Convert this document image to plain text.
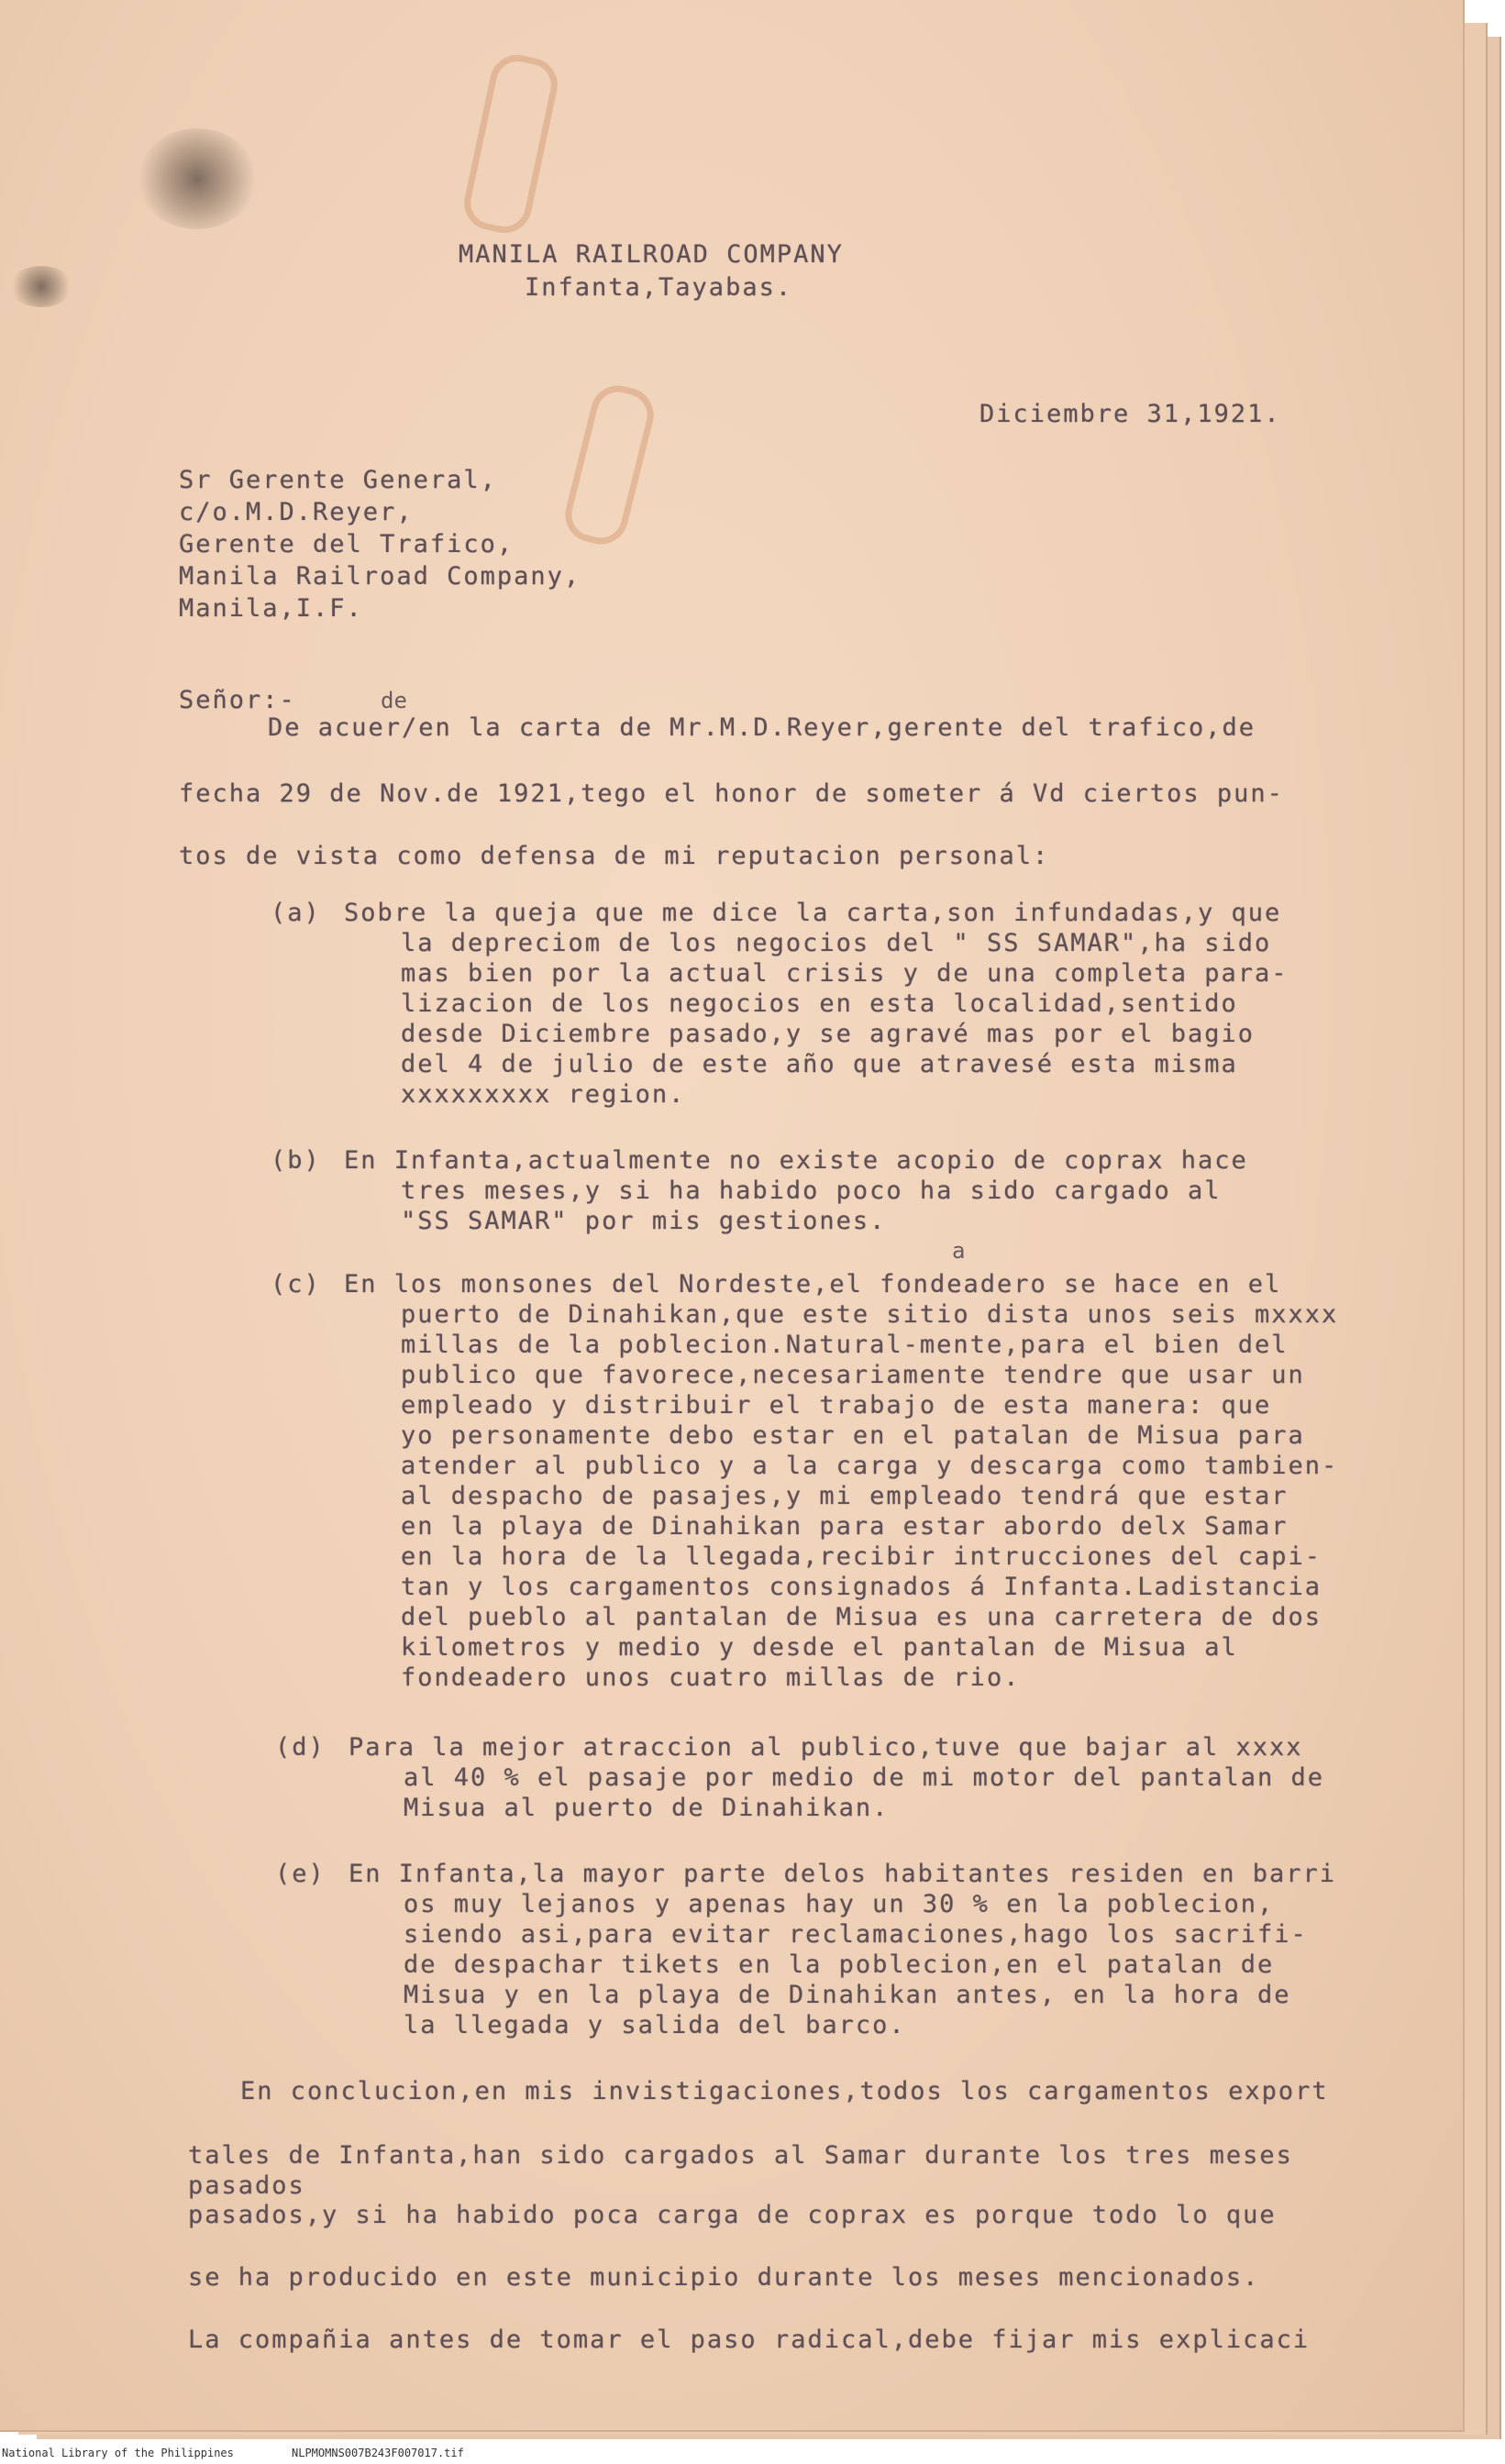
MANILA RAILROAD COMPANY
Infanta,Tayabas.
Diciembre 31,1921.
Sr Gerente General,
c/o.M.D.Reyer,
Gerente del Trafico,
Manila Railroad Company,
Manila,I.F.
Señor:-	de
De acuer/en la carta de Mr.M.D.Reyer,gerente del trafico,de
fecha 29 de Nov.de 1921,tego el honor de someter á Vd ciertos pun-
tos de vista como defensa de mi reputacion personal:
(a) Sobre la queja que me dice la carta,son infundadas,y que
la depreciom de los negocios del " SS SAMAR",ha sido
mas bien por la actual crisis y de una completa para-
lizacion de los negocios en esta localidad,sentido
desde Diciembre pasado,y se agravé mas por el bagio
del 4 de julio de este año que atravesé esta misma
xxxxxxxxx region.
(b) En Infanta,actualmente no existe acopio de coprax hace
tres meses,y si ha habido poco ha sido cargado al
"SS SAMAR" por mis gestiones.
a
(c) En los monsones del Nordeste,el fondeadero se hace en el
puerto de Dinahikan,que este sitio dista unos seis mxxxx
millas de la poblecion.Natural-mente,para el bien del
publico que favorece,necesariamente tendre que usar un
empleado y distribuir el trabajo de esta manera: que
yo personamente debo estar en el patalan de Misua para
atender al publico y a la carga y descarga como tambien-
al despacho de pasajes,y mi empleado tendrá que estar
en la playa de Dinahikan para estar abordo delx Samar
en la hora de la llegada,recibir intrucciones del capi-
tan y los cargamentos consignados á Infanta.Ladistancia
del pueblo al pantalan de Misua es una carretera de dos
kilometros y medio y desde el pantalan de Misua al
fondeadero unos cuatro millas de rio.
(d) Para la mejor atraccion al publico,tuve que bajar al xxxx
al 40 % el pasaje por medio de mi motor del pantalan de
Misua al puerto de Dinahikan.
(e) En Infanta,la mayor parte delos habitantes residen en barri
os muy lejanos y apenas hay un 30 % en la poblecion,
siendo asi,para evitar reclamaciones,hago los sacrifi-
de despachar tikets en la poblecion,en el patalan de
Misua y en la playa de Dinahikan antes, en la hora de
la llegada y salida del barco.
En conclucion,en mis invistigaciones,todos los cargamentos export
tales de Infanta,han sido cargados al Samar durante los tres meses
pasados
pasados,y si ha habido poca carga de coprax es porque todo lo que
se ha producido en este municipio durante los meses mencionados.
La compañia antes de tomar el paso radical,debe fijar mis explicaci
National Library of the Philippines	NLPMOMNS007B243F007017.tif
